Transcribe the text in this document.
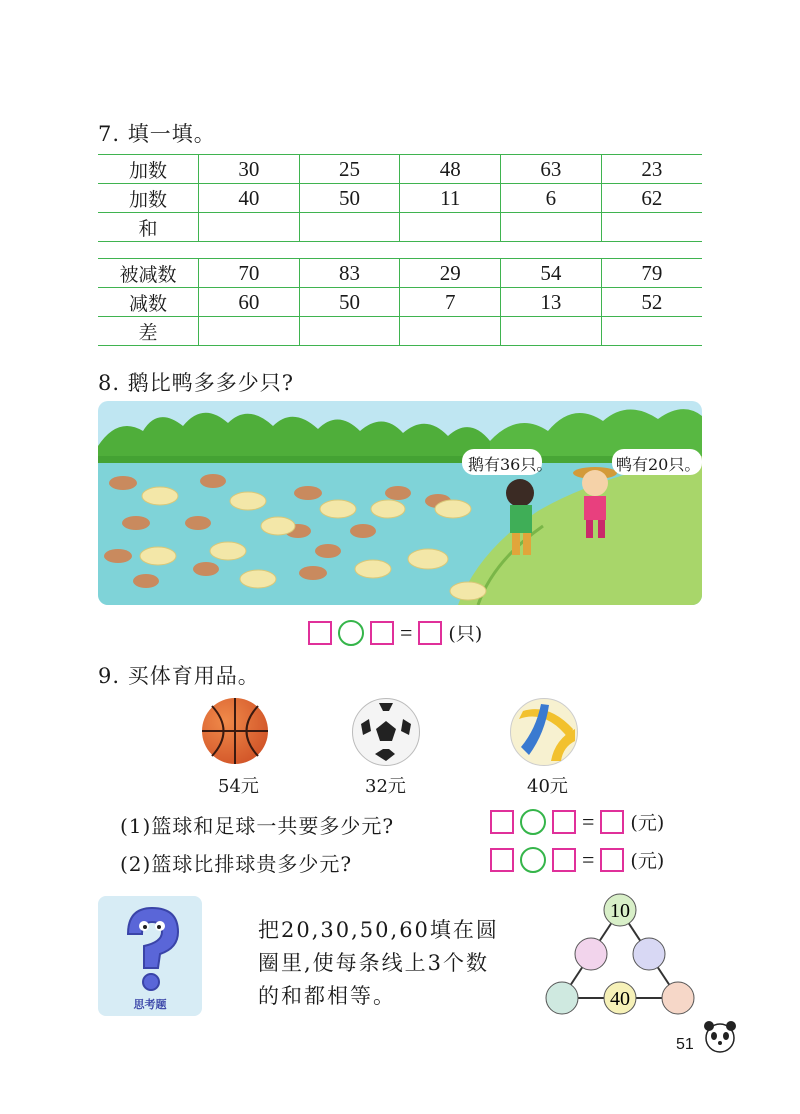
7. 填一填。
加数	30	25	48	63	23
加数	40	50	11	6	62
和					
被减数	70	83	29	54	79
减数	60	50	7	13	52
差					
8. 鹅比鸭多多少只?
鹅有36只。	鸭有20只。
= (只)
9. 买体育用品。
54元	32元	40元
(1)篮球和足球一共要多少元?	= (元)
(2)篮球比排球贵多少元?	= (元)
思考题
把20,30,50,60填在圆圈里,使每条线上3个数的和都相等。
10
40
51
